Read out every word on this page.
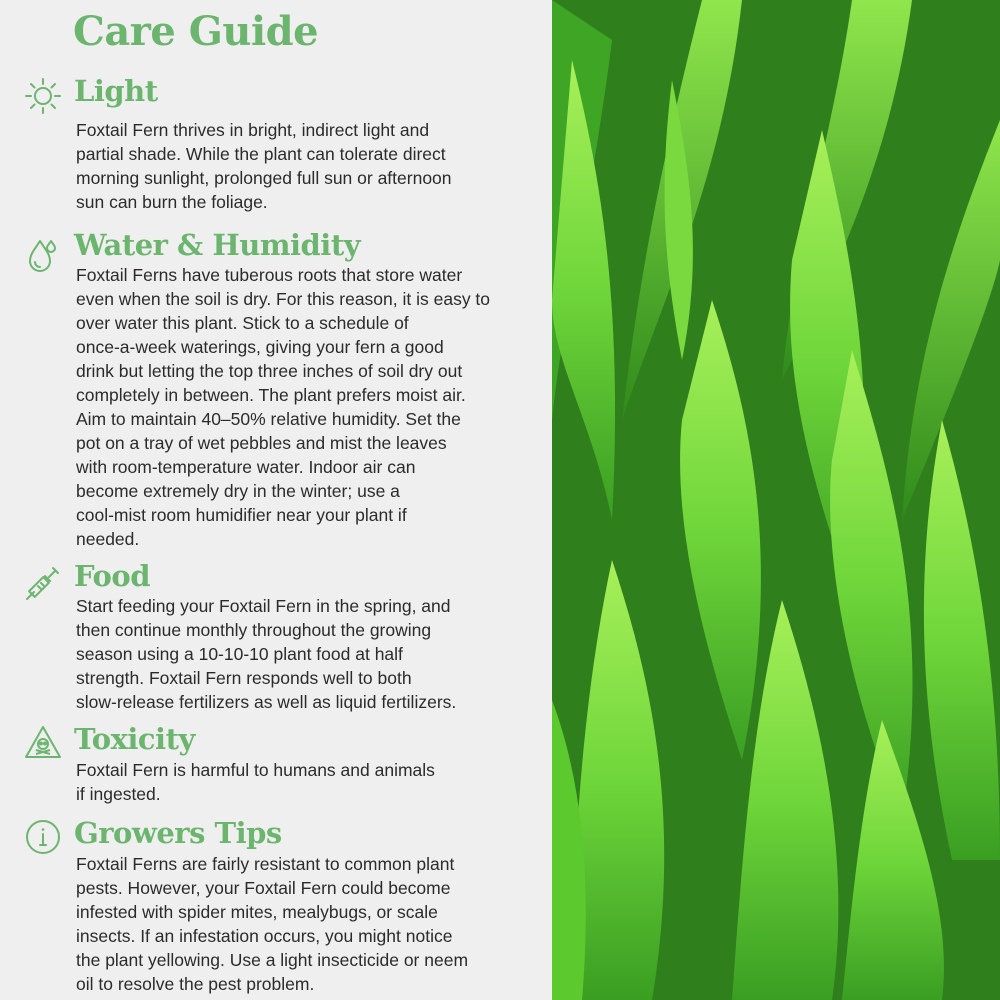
Care Guide
Light

Foxtail Fern thrives in bright, indirect light and
partial shade. While the plant can tolerate direct
morning sunlight, prolonged full sun or afternoon
sun can burn the foliage.

Water & Humidity

Foxtail Ferns have tuberous roots that store water
even when the soil is dry. For this reason, it is easy to
over water this plant. Stick to a schedule of
once-a-week waterings, giving your fern a good
drink but letting the top three inches of soil dry out
completely in between. The plant prefers moist air.
Aim to maintain 40–50% relative humidity. Set the
pot on a tray of wet pebbles and mist the leaves
with room-temperature water. Indoor air can
become extremely dry in the winter; use a
cool-mist room humidifier near your plant if
needed.

Food

Start feeding your Foxtail Fern in the spring, and
then continue monthly throughout the growing
season using a 10-10-10 plant food at half
strength. Foxtail Fern responds well to both
slow-release fertilizers as well as liquid fertilizers.

Toxicity

Foxtail Fern is harmful to humans and animals
if ingested.

Growers Tips

Foxtail Ferns are fairly resistant to common plant
pests. However, your Foxtail Fern could become
infested with spider mites, mealybugs, or scale
insects. If an infestation occurs, you might notice
the plant yellowing. Use a light insecticide or neem
oil to resolve the pest problem.
